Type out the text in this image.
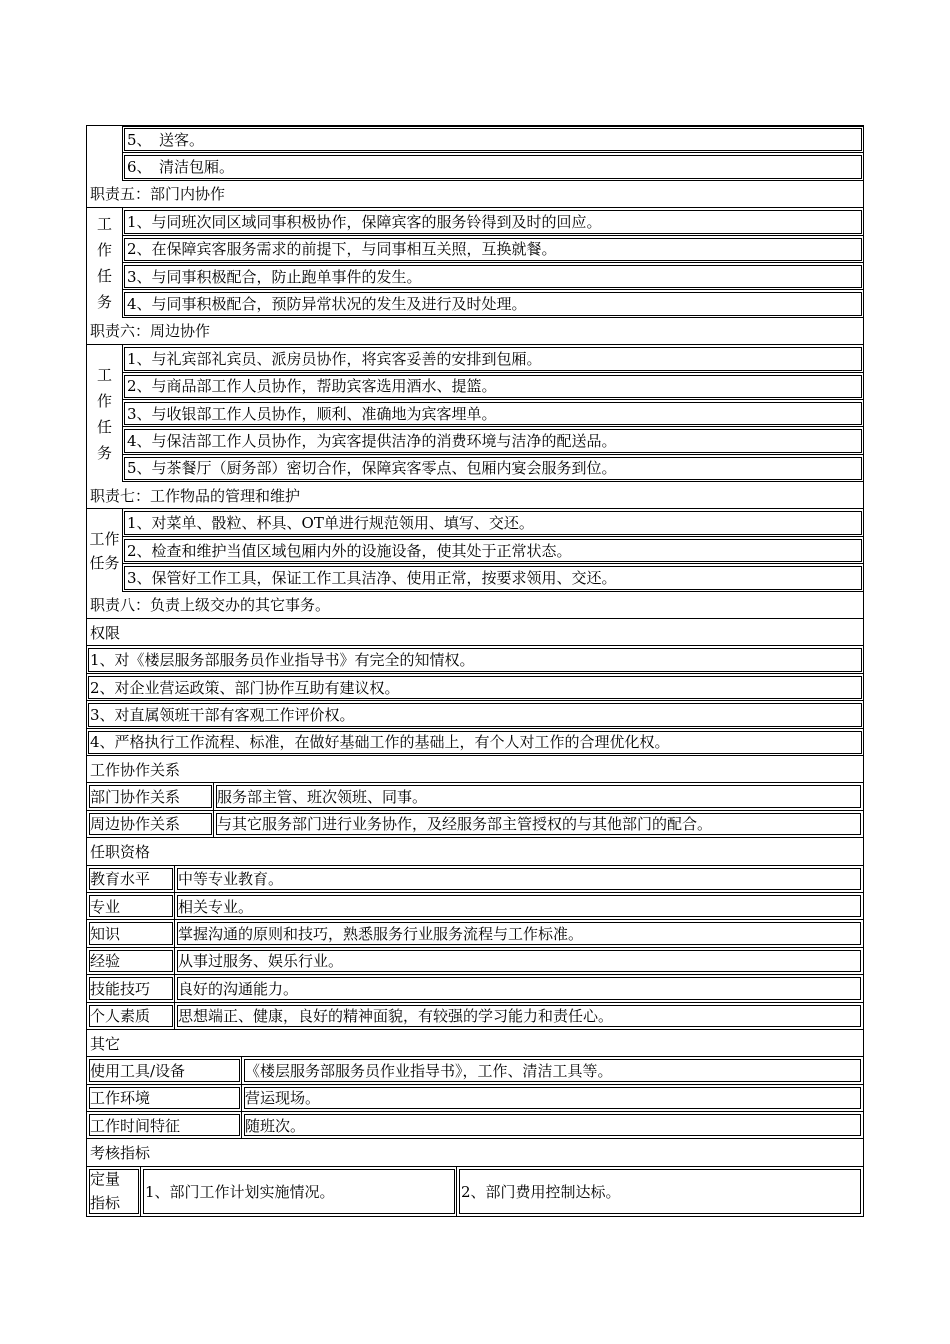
5、　送客。
6、　清洁包厢。
职责五：部门内协作
工作任务
1、与同班次同区域同事积极协作，保障宾客的服务铃得到及时的回应。
2、在保障宾客服务需求的前提下，与同事相互关照，互换就餐。
3、与同事积极配合，防止跑单事件的发生。
4、与同事积极配合，预防异常状况的发生及进行及时处理。
职责六：周边协作
工作任务
1、与礼宾部礼宾员、派房员协作，将宾客妥善的安排到包厢。
2、与商品部工作人员协作，帮助宾客选用酒水、提篮。
3、与收银部工作人员协作，顺利、准确地为宾客埋单。
4、与保洁部工作人员协作，为宾客提供洁净的消费环境与洁净的配送品。
5、与茶餐厅（厨务部）密切合作，保障宾客零点、包厢内宴会服务到位。
职责七：工作物品的管理和维护
工作任务
1、对菜单、骰粒、杯具、OT单进行规范领用、填写、交还。
2、检查和维护当值区域包厢内外的设施设备，使其处于正常状态。
3、保管好工作工具，保证工作工具洁净、使用正常，按要求领用、交还。
职责八：负责上级交办的其它事务。
权限
1、对《楼层服务部服务员作业指导书》有完全的知情权。
2、对企业营运政策、部门协作互助有建议权。
3、对直属领班干部有客观工作评价权。
4、严格执行工作流程、标准，在做好基础工作的基础上，有个人对工作的合理优化权。
工作协作关系
部门协作关系	服务部主管、班次领班、同事。
周边协作关系	与其它服务部门进行业务协作，及经服务部主管授权的与其他部门的配合。
任职资格
教育水平	中等专业教育。
专业	相关专业。
知识	掌握沟通的原则和技巧，熟悉服务行业服务流程与工作标准。
经验	从事过服务、娱乐行业。
技能技巧	良好的沟通能力。
个人素质	思想端正、健康，良好的精神面貌，有较强的学习能力和责任心。
其它
使用工具/设备	《楼层服务部服务员作业指导书》，工作、清洁工具等。
工作环境	营运现场。
工作时间特征	随班次。
考核指标
定量指标
1、部门工作计划实施情况。	2、部门费用控制达标。
